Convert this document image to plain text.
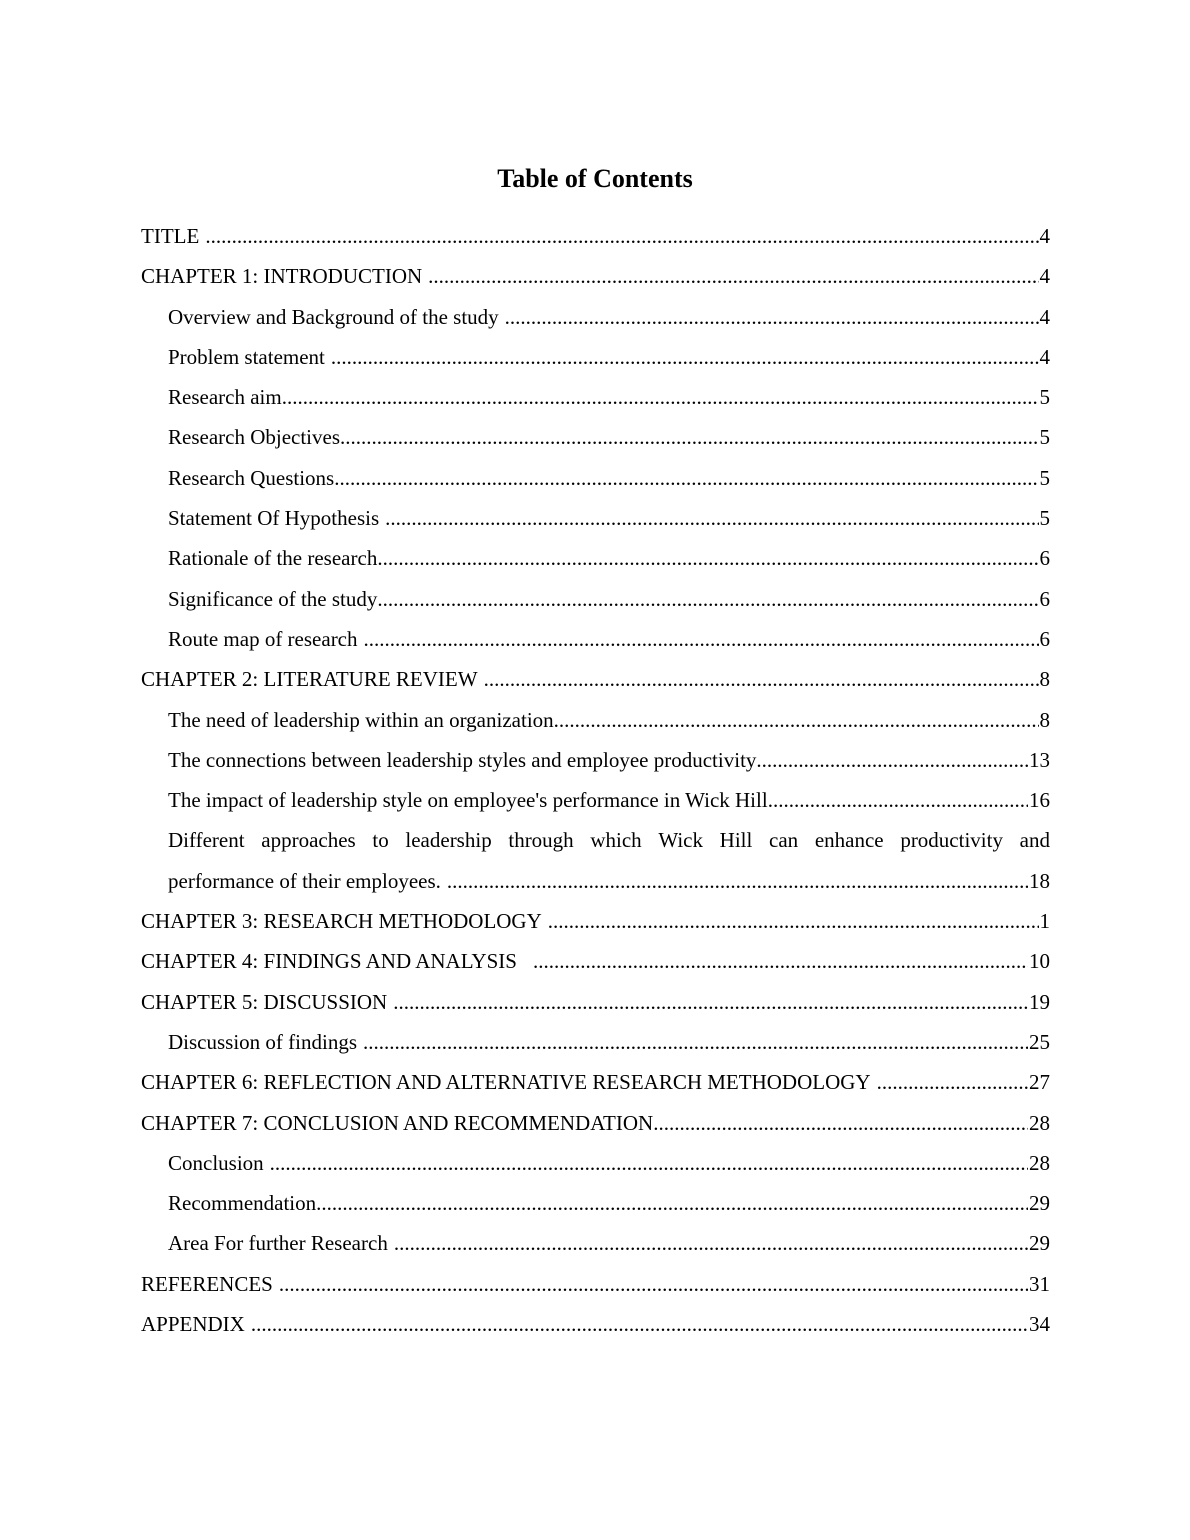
Table of Contents
TITLE .....	4
CHAPTER 1: INTRODUCTION .....	4
Overview and Background of the study .....	4
Problem statement .....	4
Research aim .....	5
Research Objectives .....	5
Research Questions .....	5
Statement Of Hypothesis .....	5
Rationale of the research .....	6
Significance of the study .....	6
Route map of research .....	6
CHAPTER 2: LITERATURE REVIEW .....	8
The need of leadership within an organization .....	8
The connections between leadership styles and employee productivity .....	13
The impact of leadership style on employee's performance in Wick Hill .....	16
Different approaches to leadership through which Wick Hill can enhance productivity and
performance of their employees. .....	18
CHAPTER 3: RESEARCH METHODOLOGY .....	1
CHAPTER 4: FINDINGS AND ANALYSIS .....	10
CHAPTER 5: DISCUSSION .....	19
Discussion of findings .....	25
CHAPTER 6: REFLECTION AND ALTERNATIVE RESEARCH METHODOLOGY .....	27
CHAPTER 7: CONCLUSION AND RECOMMENDATION .....	28
Conclusion .....	28
Recommendation .....	29
Area For further Research .....	29
REFERENCES .....	31
APPENDIX .....	34
